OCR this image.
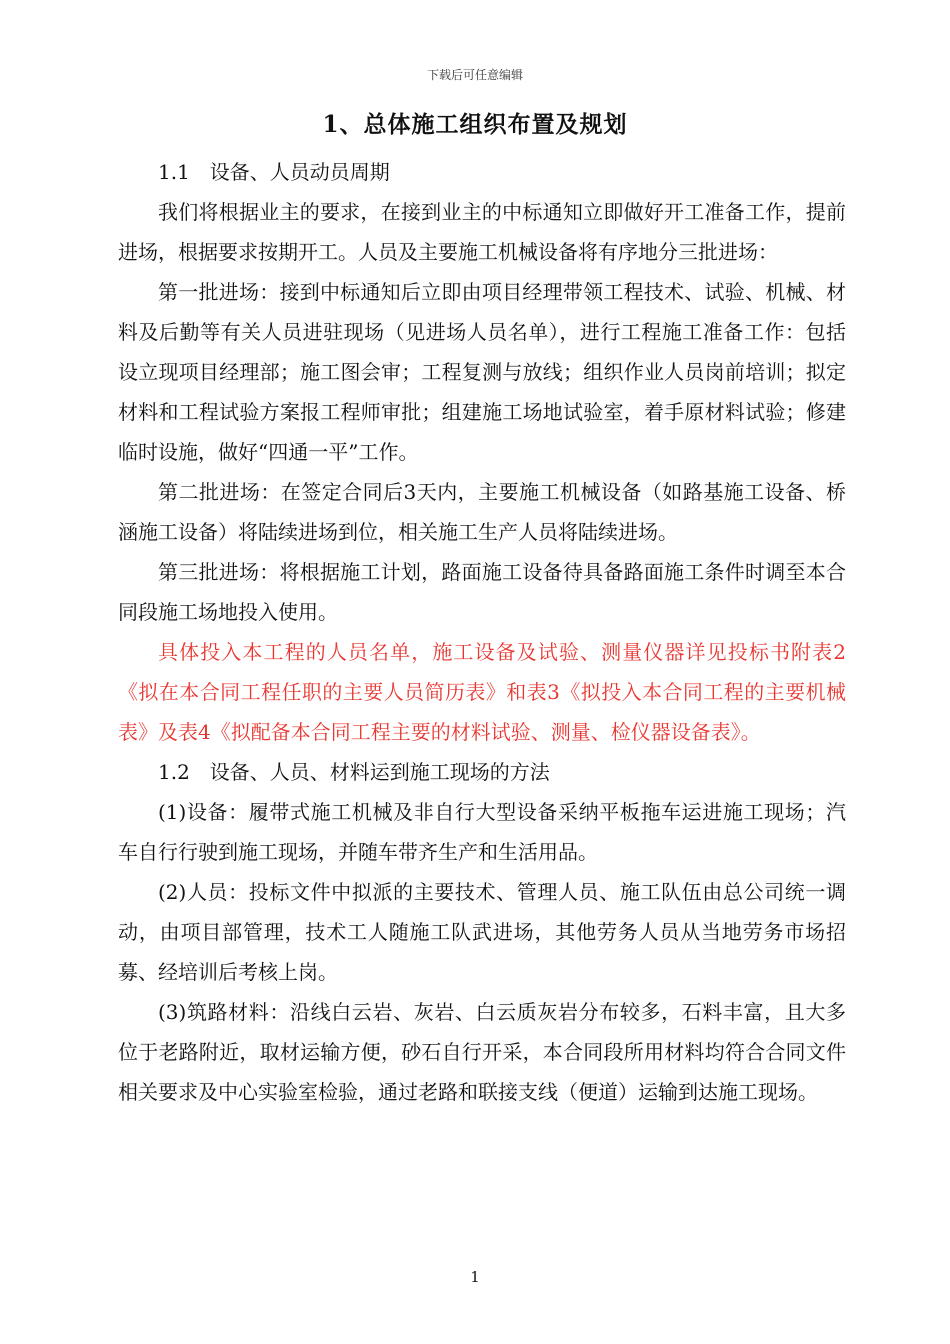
下载后可任意编辑
1、总体施工组织布置及规划

1.1　设备、人员动员周期

我们将根据业主的要求，在接到业主的中标通知立即做好开工准备工作，提前进场，根据要求按期开工。人员及主要施工机械设备将有序地分三批进场：

第一批进场：接到中标通知后立即由项目经理带领工程技术、试验、机械、材料及后勤等有关人员进驻现场（见进场人员名单），进行工程施工准备工作：包括设立现项目经理部；施工图会审；工程复测与放线；组织作业人员岗前培训；拟定材料和工程试验方案报工程师审批；组建施工场地试验室，着手原材料试验；修建临时设施，做好“四通一平”工作。

第二批进场：在签定合同后3天内，主要施工机械设备（如路基施工设备、桥涵施工设备）将陆续进场到位，相关施工生产人员将陆续进场。

第三批进场：将根据施工计划，路面施工设备待具备路面施工条件时调至本合同段施工场地投入使用。

具体投入本工程的人员名单，施工设备及试验、测量仪器详见投标书附表2《拟在本合同工程任职的主要人员简历表》和表3《拟投入本合同工程的主要机械表》及表4《拟配备本合同工程主要的材料试验、测量、检仪器设备表》。

1.2　设备、人员、材料运到施工现场的方法

(1)设备：履带式施工机械及非自行大型设备采纳平板拖车运进施工现场；汽车自行行驶到施工现场，并随车带齐生产和生活用品。

(2)人员：投标文件中拟派的主要技术、管理人员、施工队伍由总公司统一调动，由项目部管理，技术工人随施工队武进场，其他劳务人员从当地劳务市场招募、经培训后考核上岗。

(3)筑路材料：沿线白云岩、灰岩、白云质灰岩分布较多，石料丰富，且大多位于老路附近，取材运输方便，砂石自行开采，本合同段所用材料均符合合同文件相关要求及中心实验室检验，通过老路和联接支线（便道）运输到达施工现场。

1
